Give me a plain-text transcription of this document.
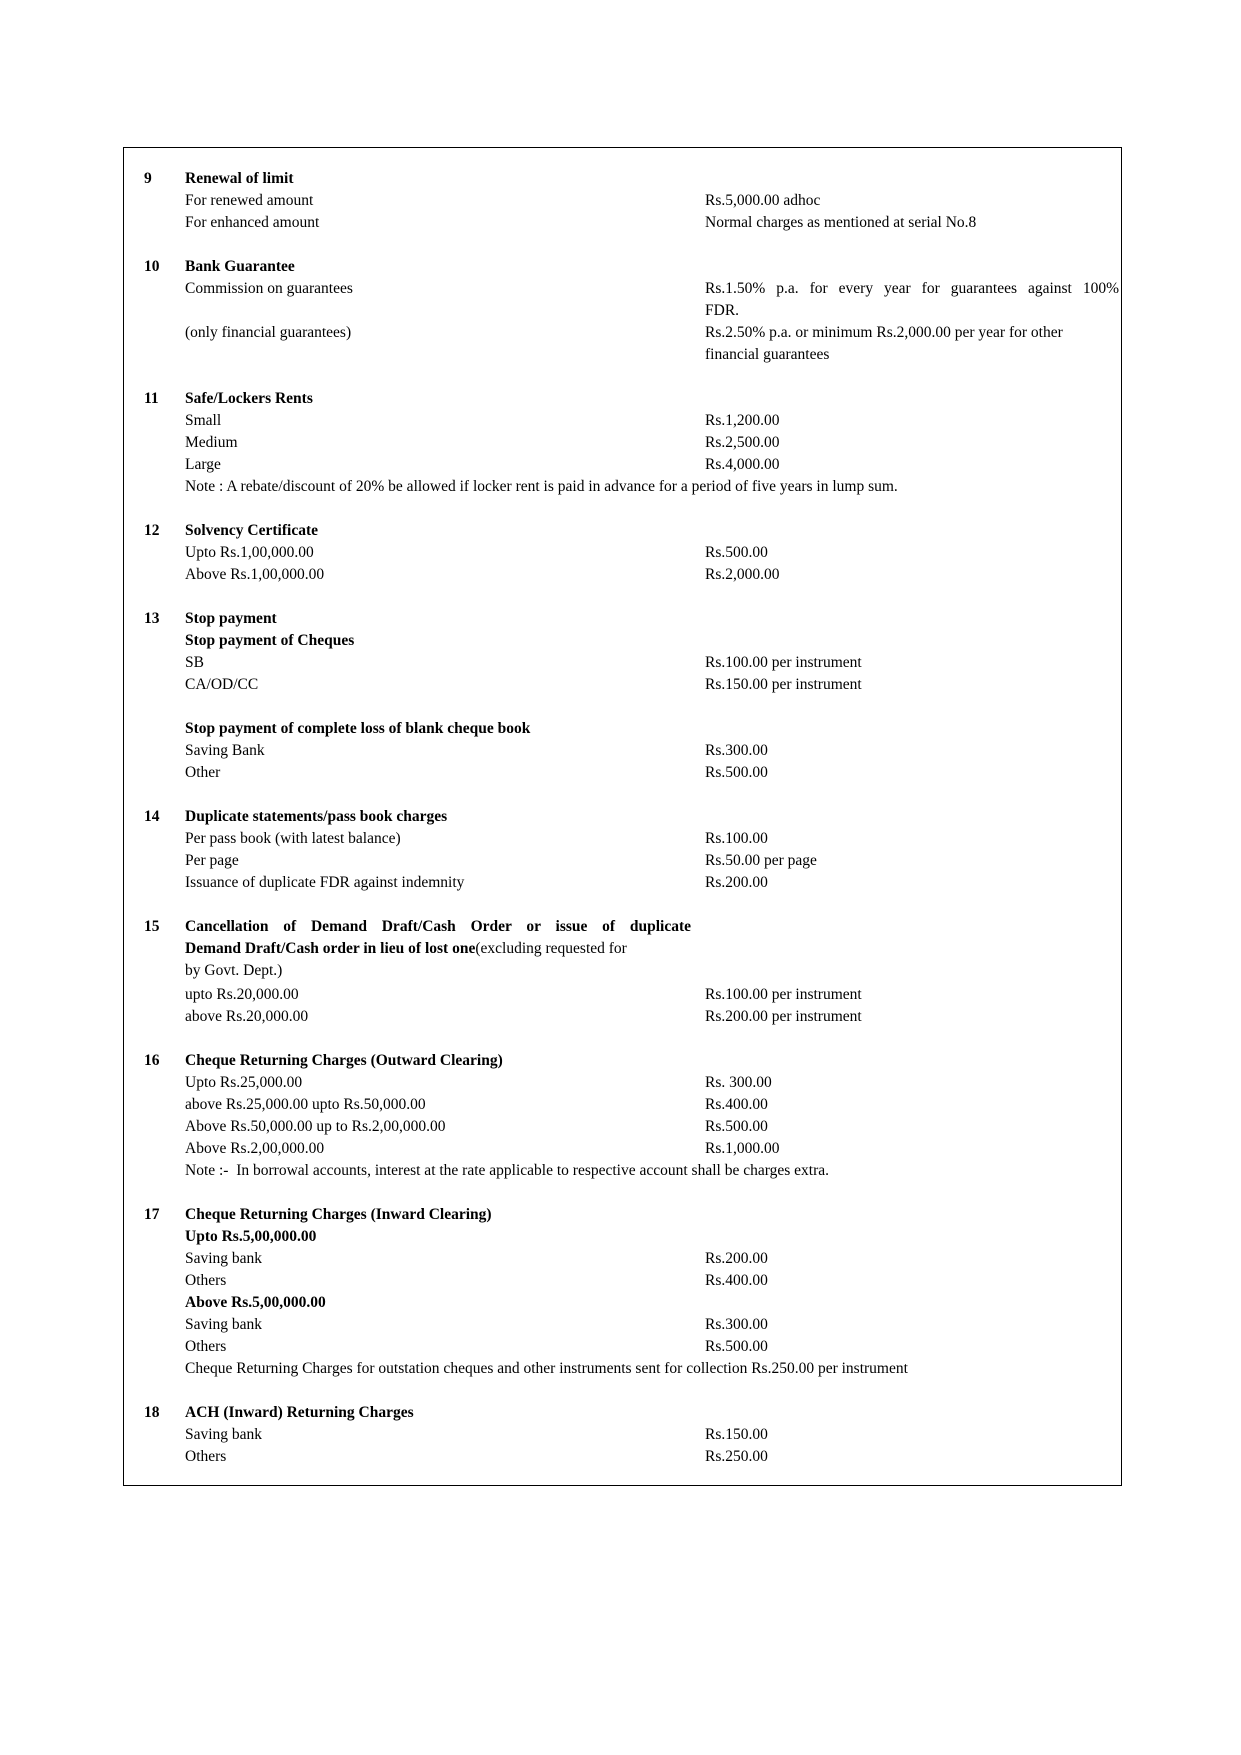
9	Renewal of limit
For renewed amount	Rs.5,000.00 adhoc
For enhanced amount	Normal charges as mentioned at serial No.8
10	Bank Guarantee
Commission on guarantees	Rs.1.50% p.a. for every year for guarantees against 100%
FDR.
(only financial guarantees)	Rs.2.50% p.a. or minimum Rs.2,000.00 per year for other
financial guarantees
11	Safe/Lockers Rents
Small	Rs.1,200.00
Medium	Rs.2,500.00
Large	Rs.4,000.00
Note : A rebate/discount of 20% be allowed if locker rent is paid in advance for a period of five years in lump sum.
12	Solvency Certificate
Upto Rs.1,00,000.00	Rs.500.00
Above Rs.1,00,000.00	Rs.2,000.00
13	Stop payment
Stop payment of Cheques
SB	Rs.100.00 per instrument
CA/OD/CC	Rs.150.00 per instrument
Stop payment of complete loss of blank cheque book
Saving Bank	Rs.300.00
Other	Rs.500.00
14	Duplicate statements/pass book charges
Per pass book (with latest balance)	Rs.100.00
Per page	Rs.50.00 per page
Issuance of duplicate FDR against indemnity	Rs.200.00
15	Cancellation of Demand Draft/Cash Order or issue of duplicate
Demand Draft/Cash order in lieu of lost one(excluding requested for
by Govt. Dept.)
upto Rs.20,000.00	Rs.100.00 per instrument
above Rs.20,000.00	Rs.200.00 per instrument
16	Cheque Returning Charges (Outward Clearing)
Upto Rs.25,000.00	Rs. 300.00
above Rs.25,000.00 upto Rs.50,000.00	Rs.400.00
Above Rs.50,000.00 up to Rs.2,00,000.00	Rs.500.00
Above Rs.2,00,000.00	Rs.1,000.00
Note :-  In borrowal accounts, interest at the rate applicable to respective account shall be charges extra.
17	Cheque Returning Charges (Inward Clearing)
Upto Rs.5,00,000.00
Saving bank	Rs.200.00
Others	Rs.400.00
Above Rs.5,00,000.00
Saving bank	Rs.300.00
Others	Rs.500.00
Cheque Returning Charges for outstation cheques and other instruments sent for collection Rs.250.00 per instrument
18	ACH (Inward) Returning Charges
Saving bank	Rs.150.00
Others	Rs.250.00
